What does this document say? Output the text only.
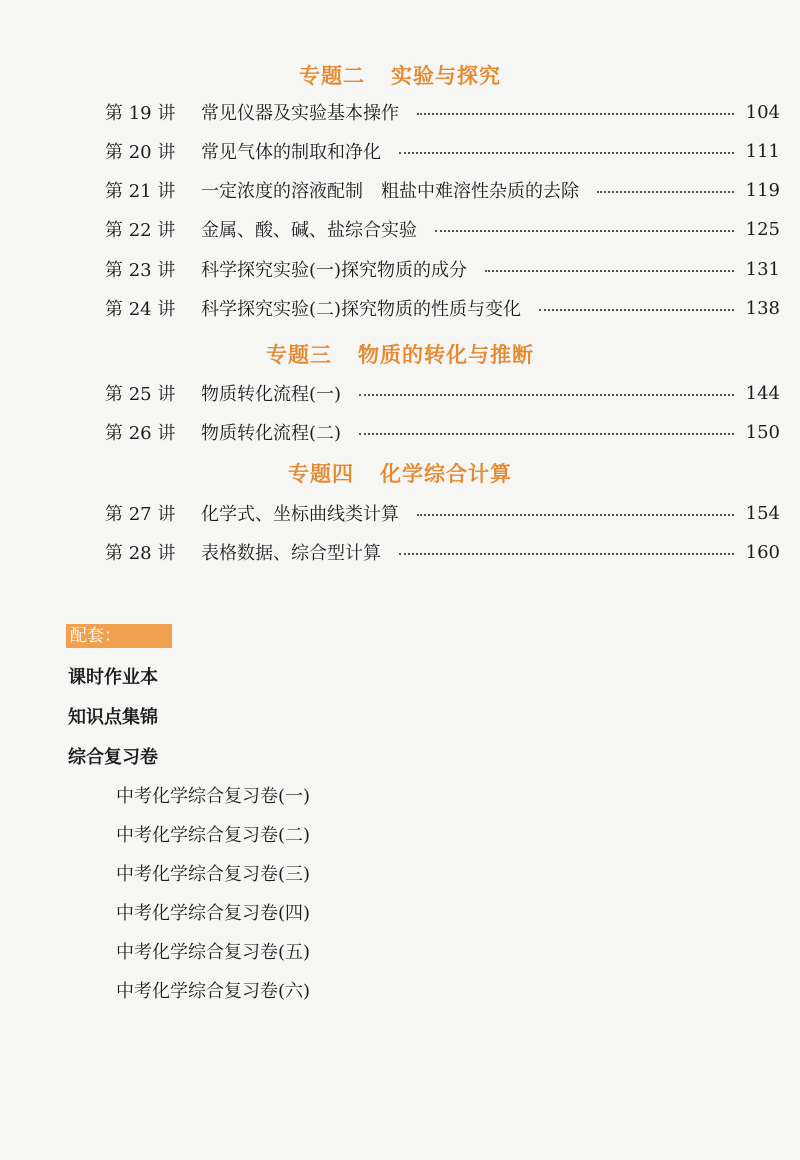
专题二 实验与探究
第 19 讲	常见仪器及实验基本操作	104
第 20 讲	常见气体的制取和净化	111
第 21 讲	一定浓度的溶液配制　粗盐中难溶性杂质的去除	119
第 22 讲	金属、酸、碱、盐综合实验	125
第 23 讲	科学探究实验(一)探究物质的成分	131
第 24 讲	科学探究实验(二)探究物质的性质与变化	138
专题三 物质的转化与推断
第 25 讲	物质转化流程(一)	144
第 26 讲	物质转化流程(二)	150
专题四 化学综合计算
第 27 讲	化学式、坐标曲线类计算	154
第 28 讲	表格数据、综合型计算	160
配套：
课时作业本
知识点集锦
综合复习卷
中考化学综合复习卷(一)
中考化学综合复习卷(二)
中考化学综合复习卷(三)
中考化学综合复习卷(四)
中考化学综合复习卷(五)
中考化学综合复习卷(六)
